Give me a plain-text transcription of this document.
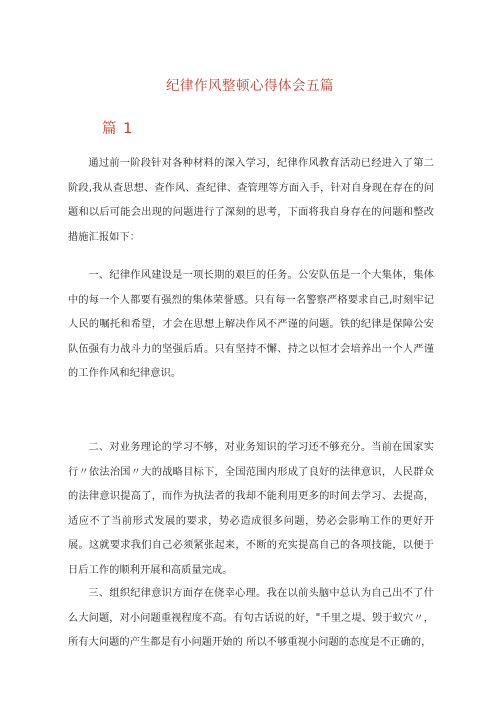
纪律作风整顿心得体会五篇
篇 1

通过前一阶段针对各种材料的深入学习，纪律作风教育活动已经进入了第二阶段,我从查思想、查作风、查纪律、查管理等方面入手，针对自身现在存在的问题和以后可能会出现的问题进行了深刻的思考，下面将我自身存在的问题和整改措施汇报如下：

一、纪律作风建设是一项长期的艰巨的任务。公安队伍是一个大集体，集体中的每一个人都要有强烈的集体荣誉感。只有每一名警察严格要求自己,时刻牢记人民的嘱托和希望，才会在思想上解决作风不严谨的问题。铁的纪律是保障公安队伍强有力战斗力的坚强后盾。只有坚持不懈、持之以恒才会培养出一个人严谨的工作作风和纪律意识。

二、对业务理论的学习不够，对业务知识的学习还不够充分。当前在国家实行〃依法治国〃大的战略目标下，全国范围内形成了良好的法律意识，人民群众的法律意识提高了，而作为执法者的我却不能利用更多的时间去学习、去提高，适应不了当前形式发展的要求，势必造成很多问题，势必会影响工作的更好开展。这就要求我们自己必须紧张起来，不断的充实提高自己的各项技能，以便于日后工作的顺利开展和高质量完成。

三、组织纪律意识方面存在侥幸心理。我在以前头脑中总认为自己出不了什么大问题，对小问题重视程度不高。有句古话说的好，"千里之堤、毁于蚁穴〃，所有大问题的产生都是有小问题开始的 所以不够重视小问题的态度是不正确的，
